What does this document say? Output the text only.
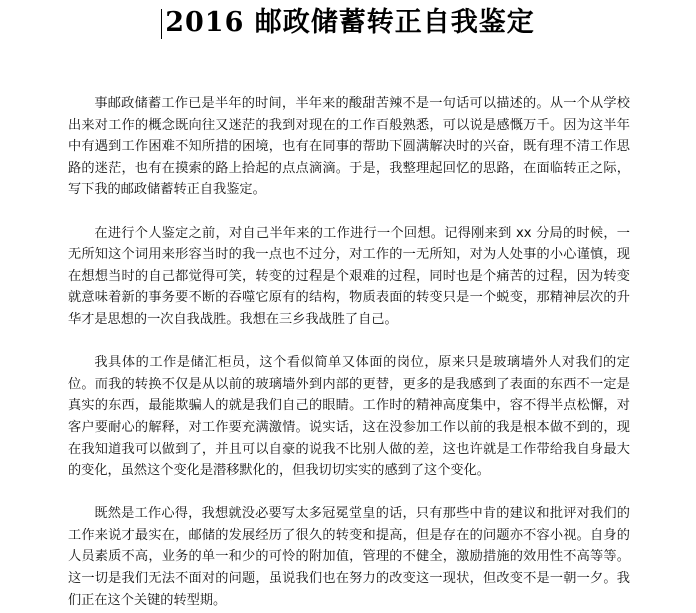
2016 邮政储蓄转正自我鉴定

事邮政储蓄工作已是半年的时间，半年来的酸甜苦辣不是一句话可以描述的。从一个从学校出来对工作的概念既向往又迷茫的我到对现在的工作百般熟悉，可以说是感慨万千。因为这半年中有遇到工作困难不知所措的困境，也有在同事的帮助下圆满解决时的兴奋，既有理不清工作思路的迷茫，也有在摸索的路上拾起的点点滴滴。于是，我整理起回忆的思路，在面临转正之际，写下我的邮政储蓄转正自我鉴定。

在进行个人鉴定之前，对自己半年来的工作进行一个回想。记得刚来到 xx 分局的时候，一无所知这个词用来形容当时的我一点也不过分，对工作的一无所知，对为人处事的小心谨慎，现在想想当时的自己都觉得可笑，转变的过程是个艰难的过程，同时也是个痛苦的过程，因为转变就意味着新的事务要不断的吞噬它原有的结构，物质表面的转变只是一个蜕变，那精神层次的升华才是思想的一次自我战胜。我想在三乡我战胜了自己。

我具体的工作是储汇柜员，这个看似简单又体面的岗位，原来只是玻璃墙外人对我们的定位。而我的转换不仅是从以前的玻璃墙外到内部的更替，更多的是我感到了表面的东西不一定是真实的东西，最能欺骗人的就是我们自己的眼睛。工作时的精神高度集中，容不得半点松懈，对客户要耐心的解释，对工作要充满激情。说实话，这在没参加工作以前的我是根本做不到的，现在我知道我可以做到了，并且可以自豪的说我不比别人做的差，这也许就是工作带给我自身最大的变化，虽然这个变化是潜移默化的，但我切切实实的感到了这个变化。

既然是工作心得，我想就没必要写太多冠冕堂皇的话，只有那些中肯的建议和批评对我们的工作来说才最实在，邮储的发展经历了很久的转变和提高，但是存在的问题亦不容小视。自身的人员素质不高，业务的单一和少的可怜的附加值，管理的不健全，激励措施的效用性不高等等。这一切是我们无法不面对的问题，虽说我们也在努力的改变这一现状，但改变不是一朝一夕。我们正在这个关键的转型期。
